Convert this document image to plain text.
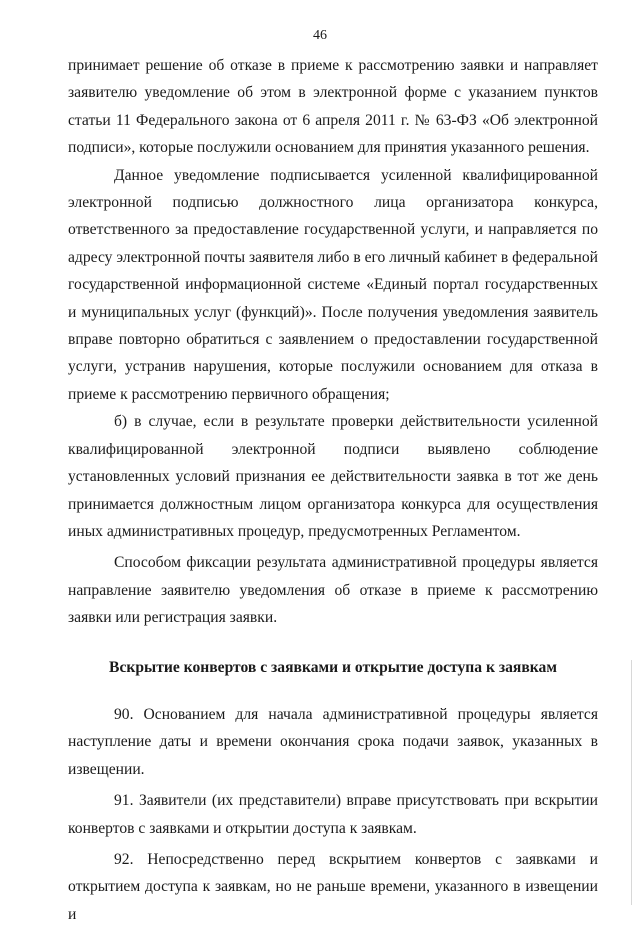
46

принимает решение об отказе в приеме к рассмотрению заявки и направляет заявителю уведомление об этом в электронной форме с указанием пунктов статьи 11 Федерального закона от 6 апреля 2011 г. № 63-ФЗ «Об электронной подписи», которые послужили основанием для принятия указанного решения.

Данное уведомление подписывается усиленной квалифицированной электронной подписью должностного лица организатора конкурса, ответственного за предоставление государственной услуги, и направляется по адресу электронной почты заявителя либо в его личный кабинет в федеральной государственной информационной системе «Единый портал государственных и муниципальных услуг (функций)». После получения уведомления заявитель вправе повторно обратиться с заявлением о предоставлении государственной услуги, устранив нарушения, которые послужили основанием для отказа в приеме к рассмотрению первичного обращения;

б) в случае, если в результате проверки действительности усиленной квалифицированной электронной подписи выявлено соблюдение установленных условий признания ее действительности заявка в тот же день принимается должностным лицом организатора конкурса для осуществления иных административных процедур, предусмотренных Регламентом.

Способом фиксации результата административной процедуры является направление заявителю уведомления об отказе в приеме к рассмотрению заявки или регистрация заявки.

Вскрытие конвертов с заявками и открытие доступа к заявкам

90. Основанием для начала административной процедуры является наступление даты и времени окончания срока подачи заявок, указанных в извещении.

91. Заявители (их представители) вправе присутствовать при вскрытии конвертов с заявками и открытии доступа к заявкам.

92. Непосредственно перед вскрытием конвертов с заявками и открытием доступа к заявкам, но не раньше времени, указанного в извещении и
